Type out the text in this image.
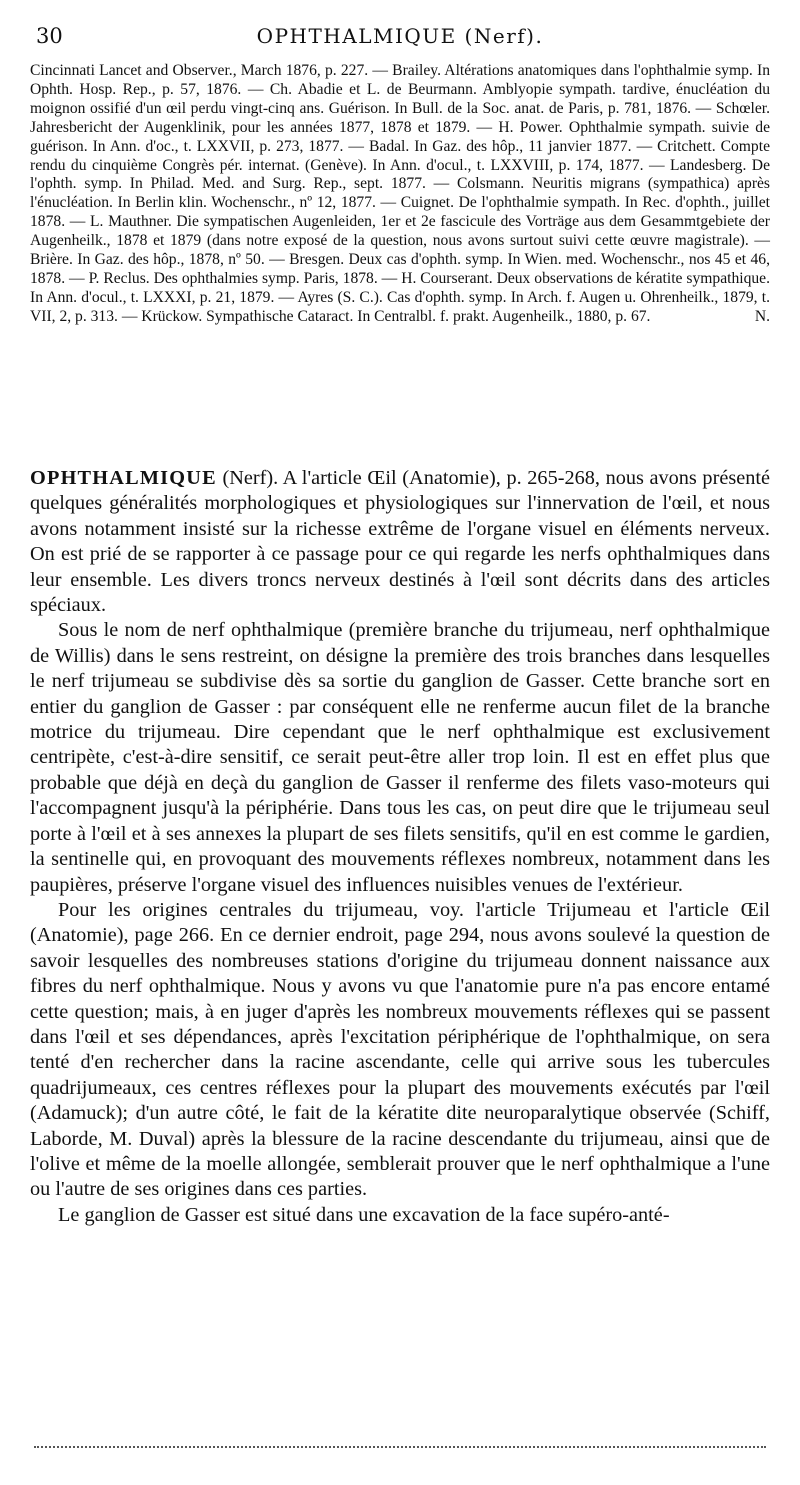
30	OPHTHALMIQUE (Nerf).
Cincinnati Lancet and Observer., March 1876, p. 227. — Brailey. Altérations anatomiques dans l'ophthalmie symp. In Ophth. Hosp. Rep., p. 57, 1876. — Ch. Abadie et L. de Beurmann. Amblyopie sympath. tardive, énucléation du moignon ossifié d'un œil perdu vingt-cinq ans. Guérison. In Bull. de la Soc. anat. de Paris, p. 781, 1876. — Schœler. Jahresbericht der Augenklinik, pour les années 1877, 1878 et 1879. — H. Power. Ophthalmie sympath. suivie de guérison. In Ann. d'oc., t. LXXVII, p. 273, 1877. — Badal. In Gaz. des hôp., 11 janvier 1877. — Critchett. Compte rendu du cinquième Congrès pér. internat. (Genève). In Ann. d'ocul., t. LXXVIII, p. 174, 1877. — Landesberg. De l'ophth. symp. In Philad. Med. and Surg. Rep., sept. 1877. — Colsmann. Neuritis migrans (sympathica) après l'énucléation. In Berlin klin. Wochenschr., nº 12, 1877. — Cuignet. De l'ophthalmie sympath. In Rec. d'ophth., juillet 1878. — L. Mauthner. Die sympatischen Augenleiden, 1er et 2e fascicule des Vorträge aus dem Gesammtgebiete der Augenheilk., 1878 et 1879 (dans notre exposé de la question, nous avons surtout suivi cette œuvre magistrale). — Brière. In Gaz. des hôp., 1878, nº 50. — Bresgen. Deux cas d'ophth. symp. In Wien. med. Wochenschr., nos 45 et 46, 1878. — P. Reclus. Des ophthalmies symp. Paris, 1878. — H. Courserant. Deux observations de kératite sympathique. In Ann. d'ocul., t. LXXXI, p. 21, 1879. — Ayres (S. C.). Cas d'ophth. symp. In Arch. f. Augen u. Ohrenheilk., 1879, t. VII, 2, p. 313. — Krückow. Sympathische Cataract. In Centralbl. f. prakt. Augenheilk., 1880, p. 67.	N.

OPHTHALMIQUE (Nerf). A l'article Œil (Anatomie), p. 265-268, nous avons présenté quelques généralités morphologiques et physiologiques sur l'innervation de l'œil, et nous avons notamment insisté sur la richesse extrême de l'organe visuel en éléments nerveux. On est prié de se rapporter à ce passage pour ce qui regarde les nerfs ophthalmiques dans leur ensemble. Les divers troncs nerveux destinés à l'œil sont décrits dans des articles spéciaux.

Sous le nom de nerf ophthalmique (première branche du trijumeau, nerf ophthalmique de Willis) dans le sens restreint, on désigne la première des trois branches dans lesquelles le nerf trijumeau se subdivise dès sa sortie du ganglion de Gasser. Cette branche sort en entier du ganglion de Gasser : par conséquent elle ne renferme aucun filet de la branche motrice du trijumeau. Dire cependant que le nerf ophthalmique est exclusivement centripète, c'est-à-dire sensitif, ce serait peut-être aller trop loin. Il est en effet plus que probable que déjà en deçà du ganglion de Gasser il renferme des filets vaso-moteurs qui l'accompagnent jusqu'à la périphérie. Dans tous les cas, on peut dire que le trijumeau seul porte à l'œil et à ses annexes la plupart de ses filets sensitifs, qu'il en est comme le gardien, la sentinelle qui, en provoquant des mouvements réflexes nombreux, notamment dans les paupières, préserve l'organe visuel des influences nuisibles venues de l'extérieur.

Pour les origines centrales du trijumeau, voy. l'article Trijumeau et l'article Œil (Anatomie), page 266. En ce dernier endroit, page 294, nous avons soulevé la question de savoir lesquelles des nombreuses stations d'origine du trijumeau donnent naissance aux fibres du nerf ophthalmique. Nous y avons vu que l'anatomie pure n'a pas encore entamé cette question; mais, à en juger d'après les nombreux mouvements réflexes qui se passent dans l'œil et ses dépendances, après l'excitation périphérique de l'ophthalmique, on sera tenté d'en rechercher dans la racine ascendante, celle qui arrive sous les tubercules quadrijumeaux, ces centres réflexes pour la plupart des mouvements exécutés par l'œil (Adamuck); d'un autre côté, le fait de la kératite dite neuroparalytique observée (Schiff, Laborde, M. Duval) après la blessure de la racine descendante du trijumeau, ainsi que de l'olive et même de la moelle allongée, semblerait prouver que le nerf ophthalmique a l'une ou l'autre de ses origines dans ces parties.

Le ganglion de Gasser est situé dans une excavation de la face supéro-anté-
